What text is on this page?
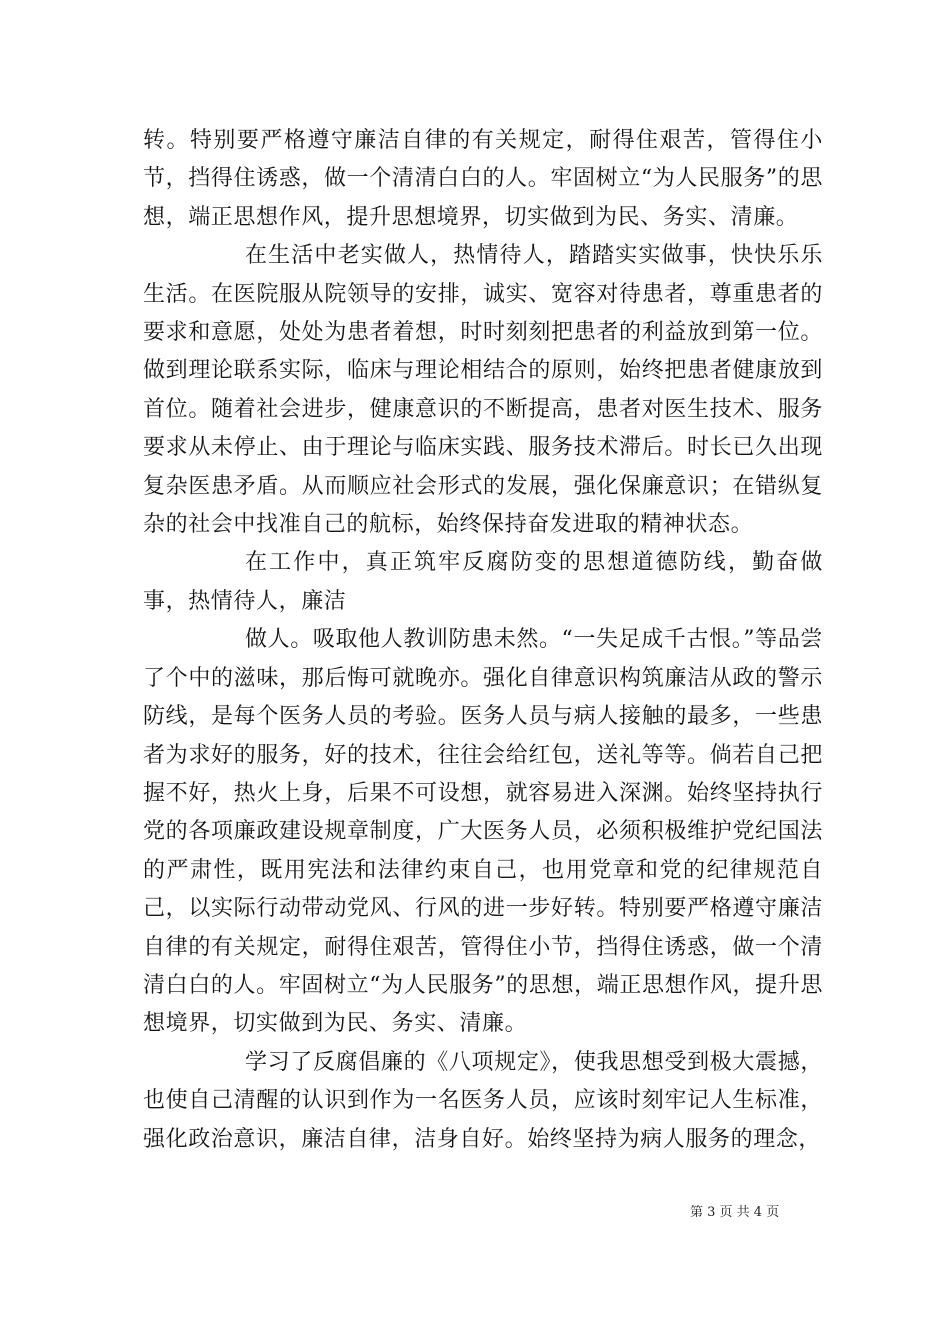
转。特别要严格遵守廉洁自律的有关规定，耐得住艰苦，管得住小节，挡得住诱惑，做一个清清白白的人。牢固树立“为人民服务”的思想，端正思想作风，提升思想境界，切实做到为民、务实、清廉。

在生活中老实做人，热情待人，踏踏实实做事，快快乐乐生活。在医院服从院领导的安排，诚实、宽容对待患者，尊重患者的要求和意愿，处处为患者着想，时时刻刻把患者的利益放到第一位。做到理论联系实际，临床与理论相结合的原则，始终把患者健康放到首位。随着社会进步，健康意识的不断提高，患者对医生技术、服务要求从未停止、由于理论与临床实践、服务技术滞后。时长已久出现复杂医患矛盾。从而顺应社会形式的发展，强化保廉意识；在错纵复杂的社会中找准自己的航标，始终保持奋发进取的精神状态。

在工作中，真正筑牢反腐防变的思想道德防线，勤奋做事，热情待人，廉洁

做人。吸取他人教训防患未然。“一失足成千古恨。”等品尝了个中的滋味，那后悔可就晚亦。强化自律意识构筑廉洁从政的警示防线，是每个医务人员的考验。医务人员与病人接触的最多，一些患者为求好的服务，好的技术，往往会给红包，送礼等等。倘若自己把握不好，热火上身，后果不可设想，就容易进入深渊。始终坚持执行党的各项廉政建设规章制度，广大医务人员，必须积极维护党纪国法的严肃性，既用宪法和法律约束自己，也用党章和党的纪律规范自己，以实际行动带动党风、行风的进一步好转。特别要严格遵守廉洁自律的有关规定，耐得住艰苦，管得住小节，挡得住诱惑，做一个清清白白的人。牢固树立“为人民服务”的思想，端正思想作风，提升思想境界，切实做到为民、务实、清廉。

学习了反腐倡廉的《八项规定》，使我思想受到极大震撼，也使自己清醒的认识到作为一名医务人员，应该时刻牢记人生标准，强化政治意识，廉洁自律，洁身自好。始终坚持为病人服务的理念，

第 3 页 共 4 页
